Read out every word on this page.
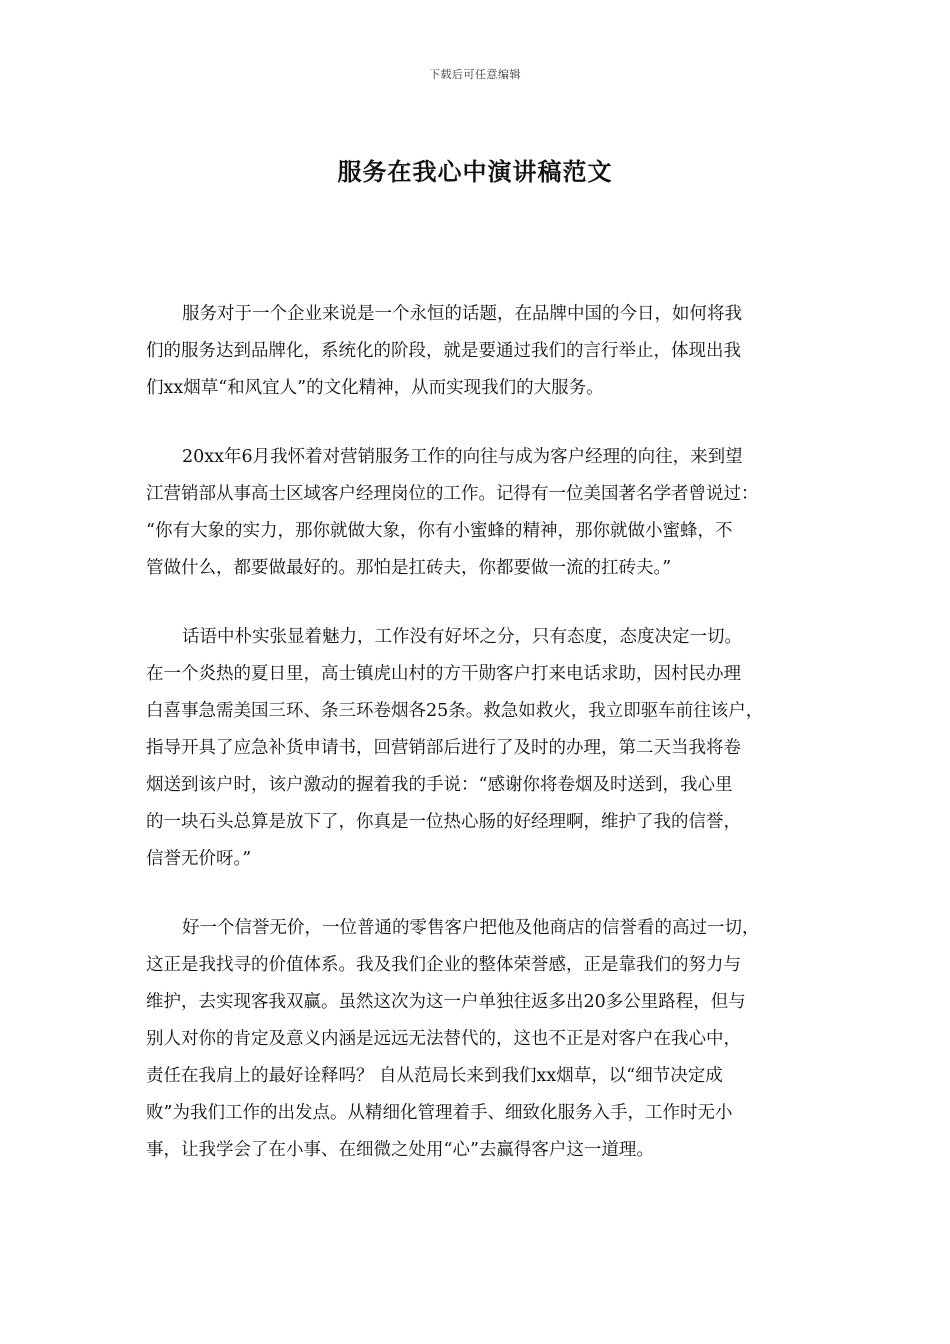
下载后可任意编辑
服务在我心中演讲稿范文

服务对于一个企业来说是一个永恒的话题，在品牌中国的今日，如何将我
们的服务达到品牌化，系统化的阶段，就是要通过我们的言行举止，体现出我
们xx烟草“和风宜人”的文化精神，从而实现我们的大服务。

20xx年6月我怀着对营销服务工作的向往与成为客户经理的向往，来到望
江营销部从事高士区域客户经理岗位的工作。记得有一位美国著名学者曾说过：
“你有大象的实力，那你就做大象，你有小蜜蜂的精神，那你就做小蜜蜂，不
管做什么，都要做最好的。那怕是扛砖夫，你都要做一流的扛砖夫。”

话语中朴实张显着魅力，工作没有好坏之分，只有态度，态度决定一切。
在一个炎热的夏日里，高士镇虎山村的方干勋客户打来电话求助，因村民办理
白喜事急需美国三环、条三环卷烟各25条。救急如救火，我立即驱车前往该户，
指导开具了应急补货申请书，回营销部后进行了及时的办理，第二天当我将卷
烟送到该户时，该户激动的握着我的手说：“感谢你将卷烟及时送到，我心里
的一块石头总算是放下了，你真是一位热心肠的好经理啊，维护了我的信誉，
信誉无价呀。”

好一个信誉无价，一位普通的零售客户把他及他商店的信誉看的高过一切，
这正是我找寻的价值体系。我及我们企业的整体荣誉感，正是靠我们的努力与
维护，去实现客我双赢。虽然这次为这一户单独往返多出20多公里路程，但与
别人对你的肯定及意义内涵是远远无法替代的，这也不正是对客户在我心中，
责任在我肩上的最好诠释吗？ 自从范局长来到我们xx烟草，以“细节决定成
败”为我们工作的出发点。从精细化管理着手、细致化服务入手，工作时无小
事，让我学会了在小事、在细微之处用“心”去赢得客户这一道理。
